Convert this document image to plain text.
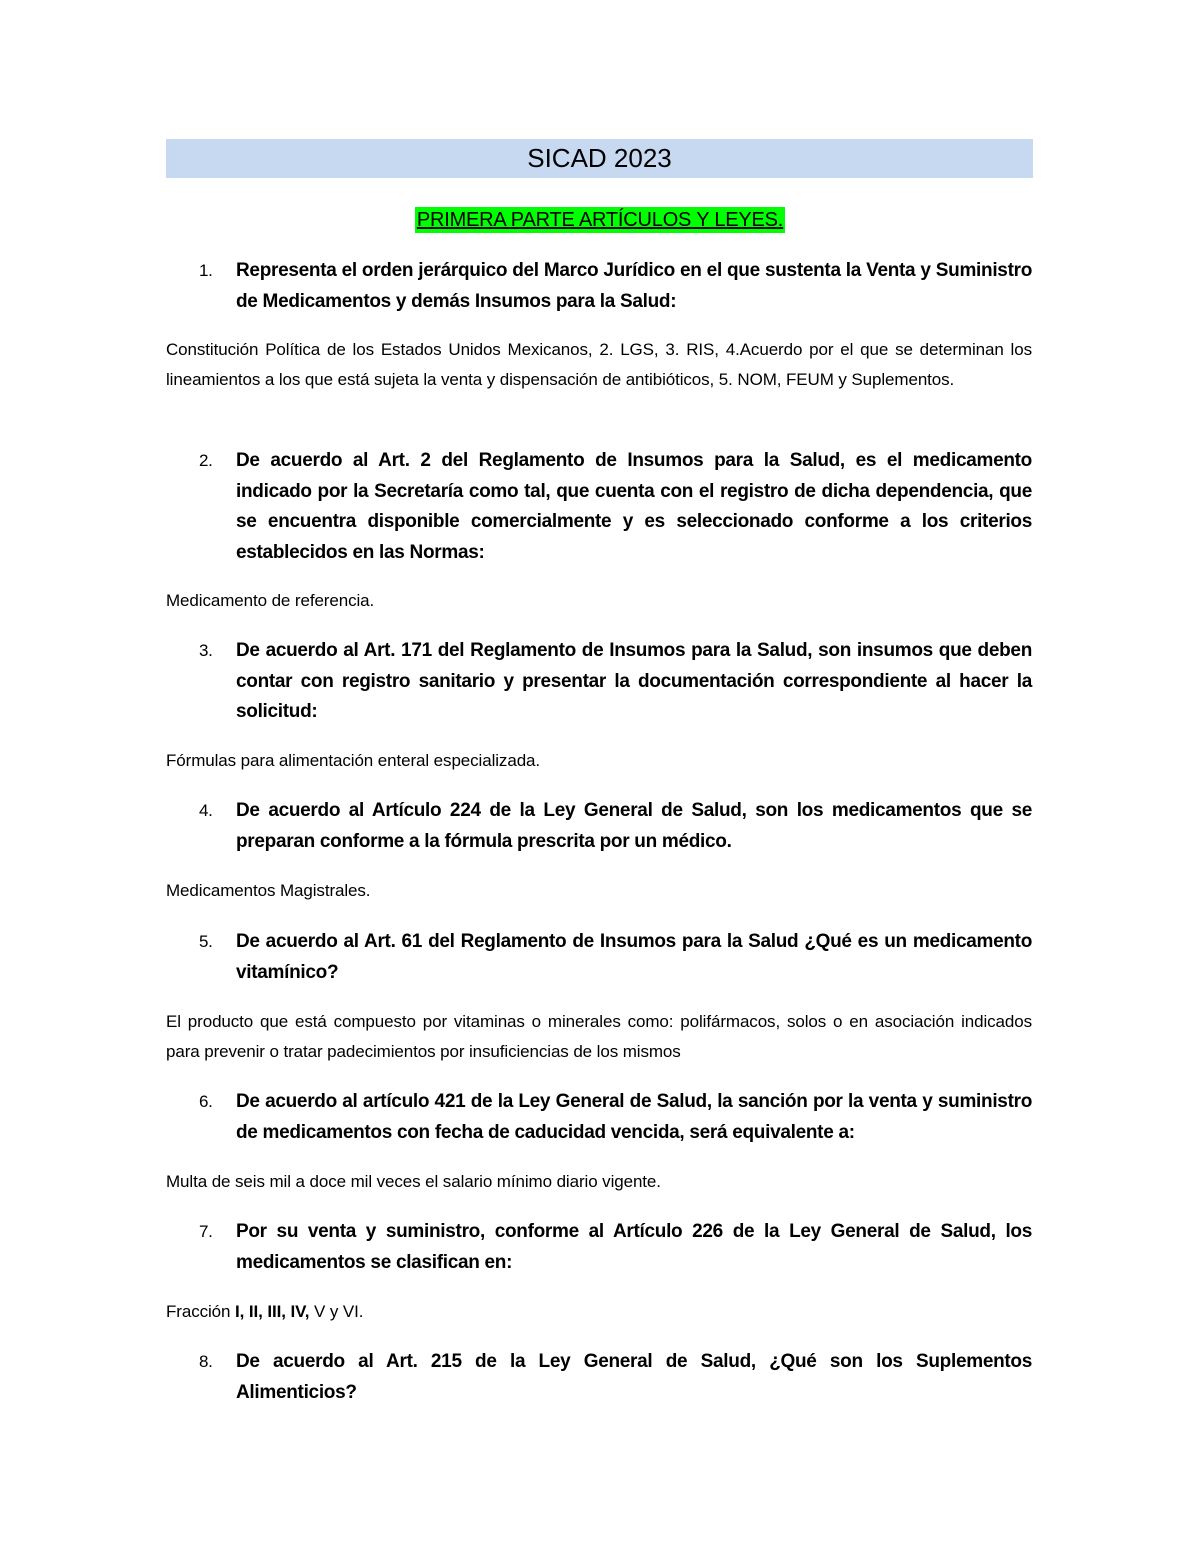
SICAD 2023
PRIMERA PARTE ARTÍCULOS Y LEYES.
1. Representa el orden jerárquico del Marco Jurídico en el que sustenta la Venta y Suministro de Medicamentos y demás Insumos para la Salud:
Constitución Política de los Estados Unidos Mexicanos, 2. LGS, 3. RIS, 4.Acuerdo por el que se determinan los lineamientos a los que está sujeta la venta y dispensación de antibióticos, 5. NOM, FEUM y Suplementos.
2. De acuerdo al Art. 2 del Reglamento de Insumos para la Salud, es el medicamento indicado por la Secretaría como tal, que cuenta con el registro de dicha dependencia, que se encuentra disponible comercialmente y es seleccionado conforme a los criterios establecidos en las Normas:
Medicamento de referencia.
3. De acuerdo al Art. 171 del Reglamento de Insumos para la Salud, son insumos que deben contar con registro sanitario y presentar la documentación correspondiente al hacer la solicitud:
Fórmulas para alimentación enteral especializada.
4. De acuerdo al Artículo 224 de la Ley General de Salud, son los medicamentos que se preparan conforme a la fórmula prescrita por un médico.
Medicamentos Magistrales.
5. De acuerdo al Art. 61 del Reglamento de Insumos para la Salud ¿Qué es un medicamento vitamínico?
El producto que está compuesto por vitaminas o minerales como: polifármacos, solos o en asociación indicados para prevenir o tratar padecimientos por insuficiencias de los mismos
6. De acuerdo al artículo 421 de la Ley General de Salud, la sanción por la venta y suministro de medicamentos con fecha de caducidad vencida, será equivalente a:
Multa de seis mil a doce mil veces el salario mínimo diario vigente.
7. Por su venta y suministro, conforme al Artículo 226 de la Ley General de Salud, los medicamentos se clasifican en:
Fracción I, II, III, IV, V y VI.
8. De acuerdo al Art. 215 de la Ley General de Salud, ¿Qué son los Suplementos Alimenticios?
